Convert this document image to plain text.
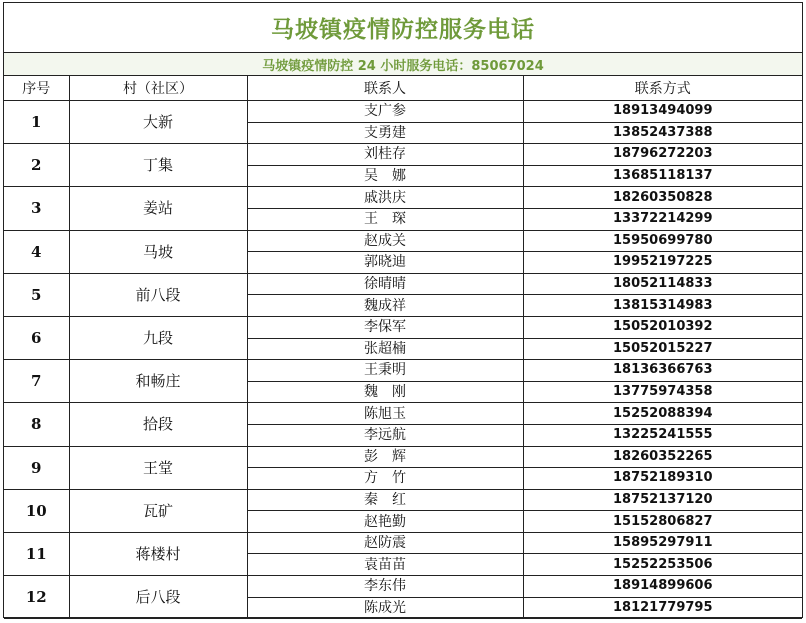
马坡镇疫情防控服务电话
马坡镇疫情防控 24 小时服务电话：85067024
序号	村（社区）	联系人	联系方式
1	大新	支广参	18913494099
		支勇建	13852437388
2	丁集	刘桂存	18796272203
		吴　娜	13685118137
3	姜站	戚洪庆	18260350828
		王　琛	13372214299
4	马坡	赵成关	15950699780
		郭晓迪	19952197225
5	前八段	徐晴晴	18052114833
		魏成祥	13815314983
6	九段	李保军	15052010392
		张超楠	15052015227
7	和畅庄	王秉明	18136366763
		魏　刚	13775974358
8	拾段	陈旭玉	15252088394
		李远航	13225241555
9	王堂	彭　辉	18260352265
		方　竹	18752189310
10	瓦矿	秦　红	18752137120
		赵艳勤	15152806827
11	蒋楼村	赵防震	15895297911
		袁苗苗	15252253506
12	后八段	李东伟	18914899606
		陈成光	18121779795
